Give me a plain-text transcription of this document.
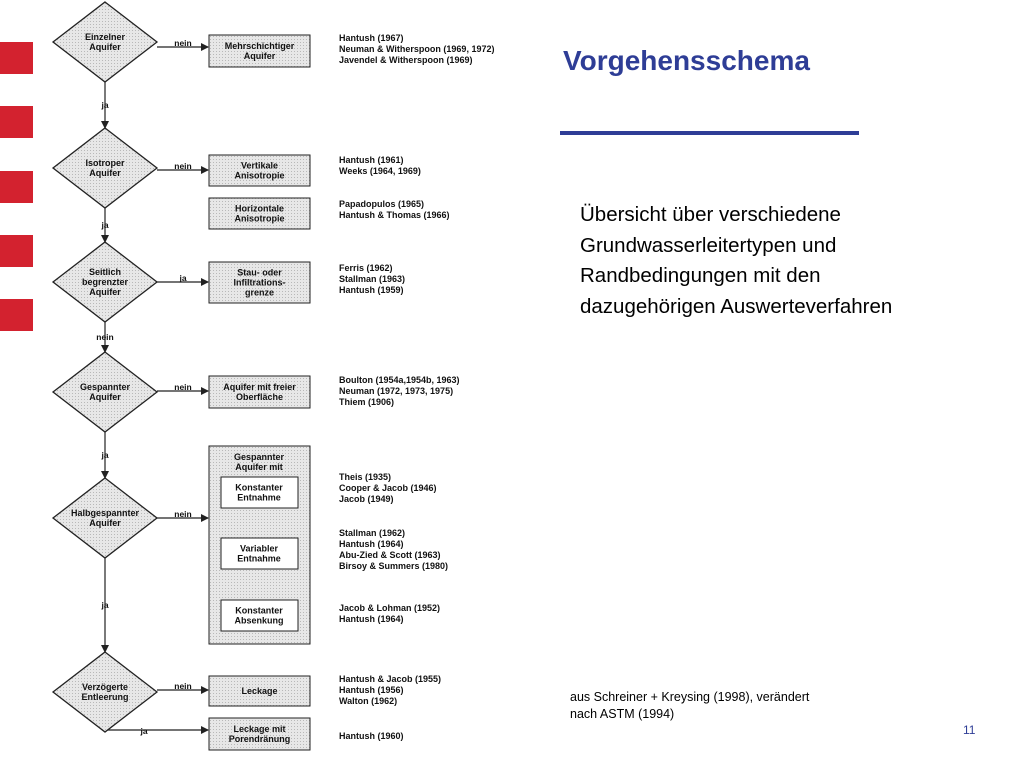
ja
ja
nein
ja
ja
ja
nein
nein
ja
nein
nein
nein
Einzelner
Aquifer
Isotroper
Aquifer
Seitlich
begrenzter
Aquifer
Gespannter
Aquifer
Halbgespannter
Aquifer
Verzögerte
Entleerung
Mehrschichtiger
Aquifer
Vertikale
Anisotropie
Horizontale
Anisotropie
Stau- oder
Infiltrations-
grenze
Aquifer mit freier
Oberfläche
Leckage
Leckage mit
Porendränung
Gespannter
Aquifer mit
Konstanter
Entnahme
Variabler
Entnahme
Konstanter
Absenkung
Hantush (1967)
Neuman & Witherspoon (1969, 1972)
Javendel & Witherspoon (1969)
Hantush (1961)
Weeks (1964, 1969)
Papadopulos (1965)
Hantush & Thomas (1966)
Ferris (1962)
Stallman (1963)
Hantush (1959)
Boulton (1954a,1954b, 1963)
Neuman (1972, 1973, 1975)
Thiem (1906)
Theis (1935)
Cooper & Jacob (1946)
Jacob (1949)
Stallman (1962)
Hantush (1964)
Abu-Zied & Scott (1963)
Birsoy & Summers (1980)
Jacob & Lohman (1952)
Hantush (1964)
Hantush & Jacob (1955)
Hantush (1956)
Walton (1962)
Hantush (1960)
Vorgehensschema
Übersicht über verschiedene
Grundwasserleitertypen und
Randbedingungen mit den
dazugehörigen Auswerteverfahren
aus Schreiner + Kreysing (1998), verändert
nach ASTM (1994)
11
